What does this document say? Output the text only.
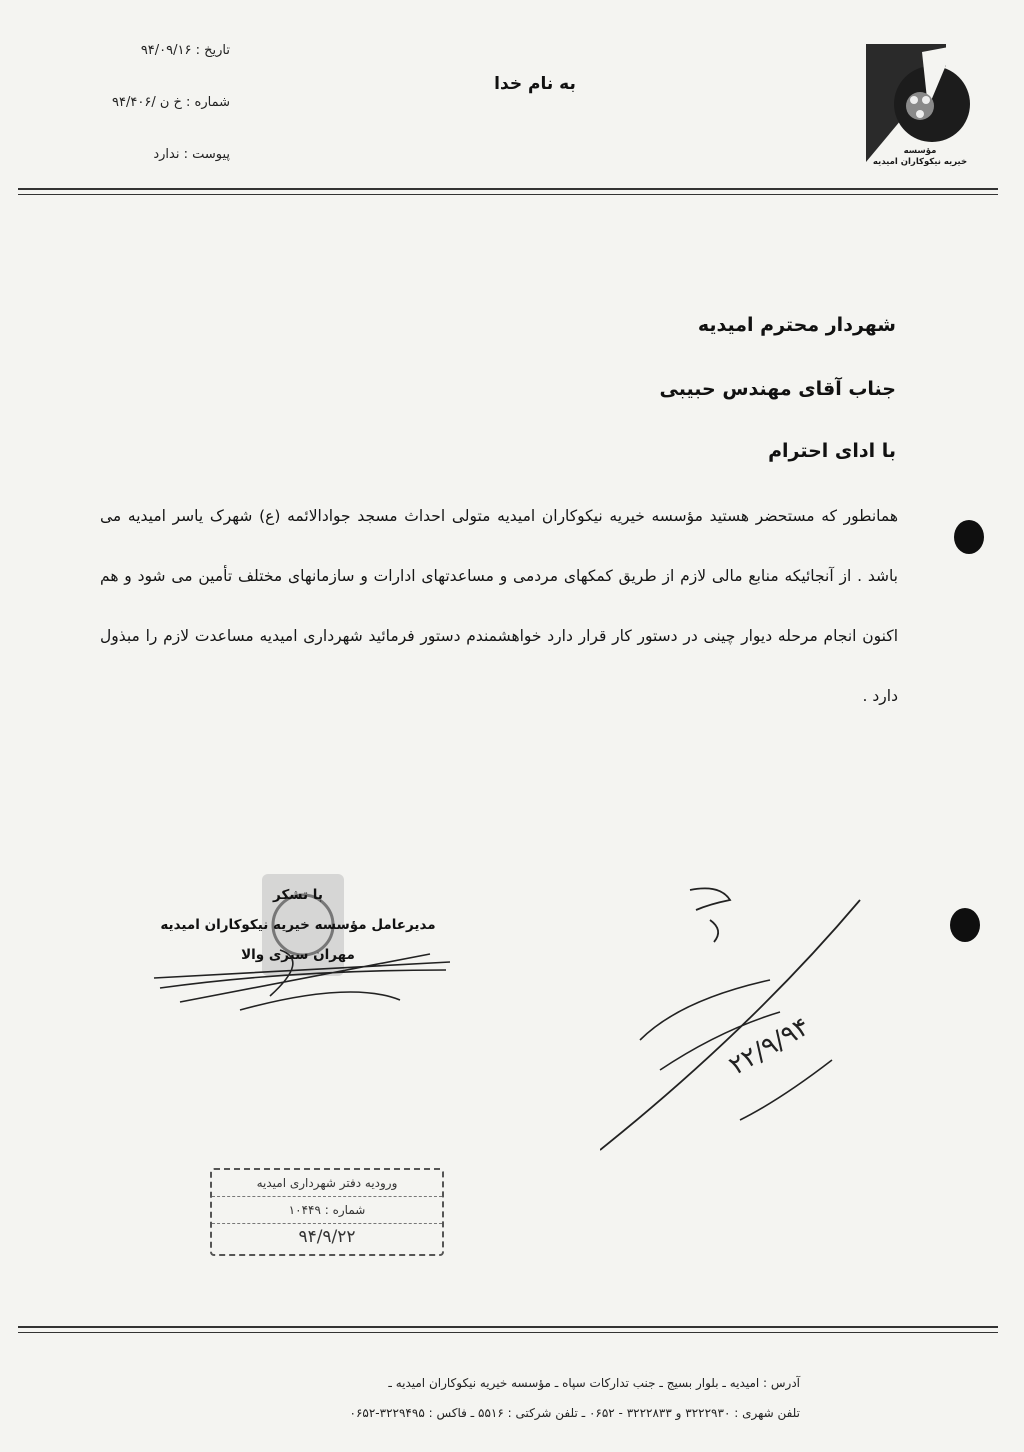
تاریخ : ۹۴/۰۹/۱۶
شماره : خ ن /۹۴/۴۰۶
پیوست : ندارد
به نام خدا
مؤسسه
خیریه نیکوکاران امیدیه
شهردار محترم امیدیه
جناب آقای مهندس حبیبی
با ادای احترام
همانطور که مستحضر هستید مؤسسه خیریه نیکوکاران امیدیه متولی احداث مسجد جوادالائمه (ع) شهرک یاسر امیدیه می باشد . از آنجائیکه منابع مالی لازم از طریق کمکهای مردمی و مساعدتهای ادارات و سازمانهای مختلف تأمین می شود و هم اکنون انجام مرحله دیوار چینی در دستور کار قرار دارد خواهشمندم دستور فرمائید شهرداری امیدیه مساعدت لازم را مبذول دارد .
با تشکر
مدیرعامل مؤسسه خیریه نیکوکاران امیدیه
مهران سبزی والا
۲۲/۹/۹۴
ورودیه دفتر شهرداری امیدیه
شماره : ۱۰۴۴۹
۹۴/۹/۲۲
آدرس : امیدیه ـ بلوار بسیج ـ جنب تدارکات سپاه ـ مؤسسه خیریه نیکوکاران امیدیه ـ
تلفن شهری : ۳۲۲۲۹۳۰ و ۳۲۲۲۸۳۳ - ۰۶۵۲ ـ تلفن شرکتی : ۵۵۱۶ ـ فاکس : ۳۲۲۹۴۹۵-۰۶۵۲
